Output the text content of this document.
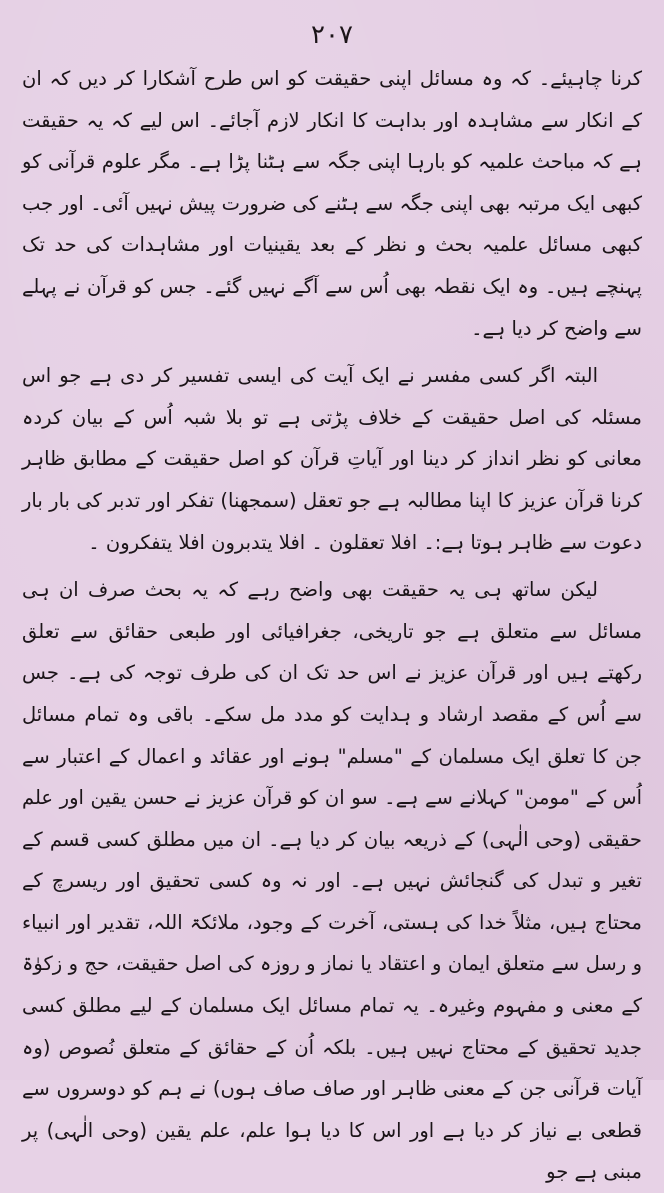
۲۰۷

کرنا چاہیئے۔ کہ وہ مسائل اپنی حقیقت کو اس طرح آشکارا کر دیں کہ ان کے انکار سے مشاہدہ اور بداہت کا انکار لازم آجائے۔ اس لیے کہ یہ حقیقت ہے کہ مباحث علمیہ کو بارہا اپنی جگہ سے ہٹنا پڑا ہے۔ مگر علوم قرآنی کو کبھی ایک مرتبہ بھی اپنی جگہ سے ہٹنے کی ضرورت پیش نہیں آئی۔ اور جب کبھی مسائل علمیہ بحث و نظر کے بعد یقینیات اور مشاہدات کی حد تک پہنچے ہیں۔ وہ ایک نقطہ بھی اُس سے آگے نہیں گئے۔ جس کو قرآن نے پہلے سے واضح کر دیا ہے۔

البتہ اگر کسی مفسر نے ایک آیت کی ایسی تفسیر کر دی ہے جو اس مسئلہ کی اصل حقیقت کے خلاف پڑتی ہے تو بلا شبہ اُس کے بیان کردہ معانی کو نظر انداز کر دینا اور آیاتِ قرآن کو اصل حقیقت کے مطابق ظاہر کرنا قرآن عزیز کا اپنا مطالبہ ہے جو تعقل (سمجھنا) تفکر اور تدبر کی بار بار دعوت سے ظاہر ہوتا ہے:۔ افلا تعقلون ۔ افلا یتدبرون افلا یتفکرون ۔

لیکن ساتھ ہی یہ حقیقت بھی واضح رہے کہ یہ بحث صرف ان ہی مسائل سے متعلق ہے جو تاریخی، جغرافیائی اور طبعی حقائق سے تعلق رکھتے ہیں اور قرآن عزیز نے اس حد تک ان کی طرف توجہ کی ہے۔ جس سے اُس کے مقصد ارشاد و ہدایت کو مدد مل سکے۔ باقی وہ تمام مسائل جن کا تعلق ایک مسلمان کے "مسلم" ہونے اور عقائد و اعمال کے اعتبار سے اُس کے "مومن" کہلانے سے ہے۔ سو ان کو قرآن عزیز نے حسن یقین اور علم حقیقی (وحی الٰہی) کے ذریعہ بیان کر دیا ہے۔ ان میں مطلق کسی قسم کے تغیر و تبدل کی گنجائش نہیں ہے۔ اور نہ وہ کسی تحقیق اور ریسرچ کے محتاج ہیں، مثلاً خدا کی ہستی، آخرت کے وجود، ملائکۃ اللہ، تقدیر اور انبیاء و رسل سے متعلق ایمان و اعتقاد یا نماز و روزہ کی اصل حقیقت، حج و زکوٰۃ کے معنی و مفہوم وغیرہ۔ یہ تمام مسائل ایک مسلمان کے لیے مطلق کسی جدید تحقیق کے محتاج نہیں ہیں۔ بلکہ اُن کے حقائق کے متعلق نُصوص (وہ آیات قرآنی جن کے معنی ظاہر اور صاف صاف ہوں) نے ہم کو دوسروں سے قطعی بے نیاز کر دیا ہے اور اس کا دیا ہوا علم، علم یقین (وحی الٰہی) پر مبنی ہے جو
